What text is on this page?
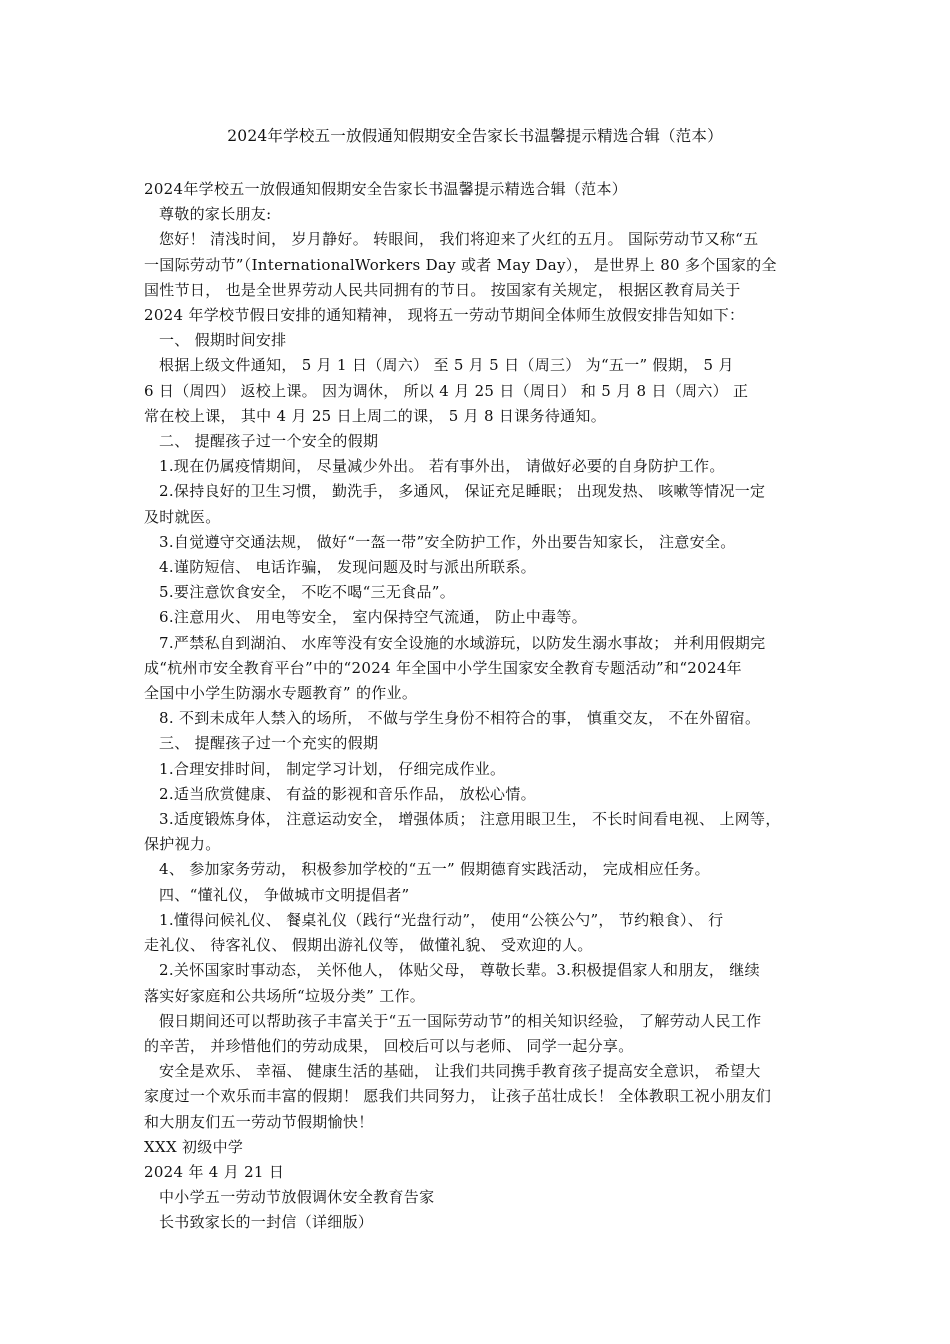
2024年学校五一放假通知假期安全告家长书温馨提示精选合辑（范本）

2024年学校五一放假通知假期安全告家长书温馨提示精选合辑（范本）

尊敬的家长朋友:

您好！ 清浅时间， 岁月静好。 转眼间， 我们将迎来了火红的五月。 国际劳动节又称“五

一国际劳动节”（InternationalWorkers Day 或者 May Day）， 是世界上 80 多个国家的全

国性节日， 也是全世界劳动人民共同拥有的节日。 按国家有关规定， 根据区教育局关于

2024 年学校节假日安排的通知精神， 现将五一劳动节期间全体师生放假安排告知如下：

一、 假期时间安排

根据上级文件通知， 5 月 1 日（周六） 至 5 月 5 日（周三） 为“五一” 假期， 5 月

6 日（周四） 返校上课。 因为调休， 所以 4 月 25 日（周日） 和 5 月 8 日（周六） 正

常在校上课， 其中 4 月 25 日上周二的课， 5 月 8 日课务待通知。

二、 提醒孩子过一个安全的假期

1.现在仍属疫情期间， 尽量减少外出。 若有事外出， 请做好必要的自身防护工作。

2.保持良好的卫生习惯， 勤洗手， 多通风， 保证充足睡眠； 出现发热、 咳嗽等情况一定

及时就医。

3.自觉遵守交通法规， 做好“一盔一带”安全防护工作，外出要告知家长， 注意安全。

4.谨防短信、 电话诈骗， 发现问题及时与派出所联系。

5.要注意饮食安全， 不吃不喝“三无食品”。

6.注意用火、 用电等安全， 室内保持空气流通， 防止中毒等。

7.严禁私自到湖泊、 水库等没有安全设施的水域游玩，以防发生溺水事故； 并利用假期完

成“杭州市安全教育平台”中的“2024 年全国中小学生国家安全教育专题活动”和“2024年

全国中小学生防溺水专题教育” 的作业。

8. 不到未成年人禁入的场所， 不做与学生身份不相符合的事， 慎重交友， 不在外留宿。

三、 提醒孩子过一个充实的假期

1.合理安排时间， 制定学习计划， 仔细完成作业。

2.适当欣赏健康、 有益的影视和音乐作品， 放松心情。

3.适度锻炼身体， 注意运动安全， 增强体质； 注意用眼卫生， 不长时间看电视、 上网等，

保护视力。

4、 参加家务劳动， 积极参加学校的“五一” 假期德育实践活动， 完成相应任务。

四、“懂礼仪， 争做城市文明提倡者”

1.懂得问候礼仪、 餐桌礼仪（践行“光盘行动”， 使用“公筷公勺”， 节约粮食）、 行

走礼仪、 待客礼仪、 假期出游礼仪等， 做懂礼貌、 受欢迎的人。

2.关怀国家时事动态， 关怀他人， 体贴父母， 尊敬长辈。3.积极提倡家人和朋友， 继续

落实好家庭和公共场所“垃圾分类” 工作。

假日期间还可以帮助孩子丰富关于“五一国际劳动节”的相关知识经验， 了解劳动人民工作

的辛苦， 并珍惜他们的劳动成果， 回校后可以与老师、 同学一起分享。

安全是欢乐、 幸福、 健康生活的基础， 让我们共同携手教育孩子提高安全意识， 希望大

家度过一个欢乐而丰富的假期！ 愿我们共同努力， 让孩子茁壮成长！ 全体教职工祝小朋友们

和大朋友们五一劳动节假期愉快！

XXX 初级中学

2024 年 4 月 21 日

中小学五一劳动节放假调休安全教育告家

长书致家长的一封信（详细版）
